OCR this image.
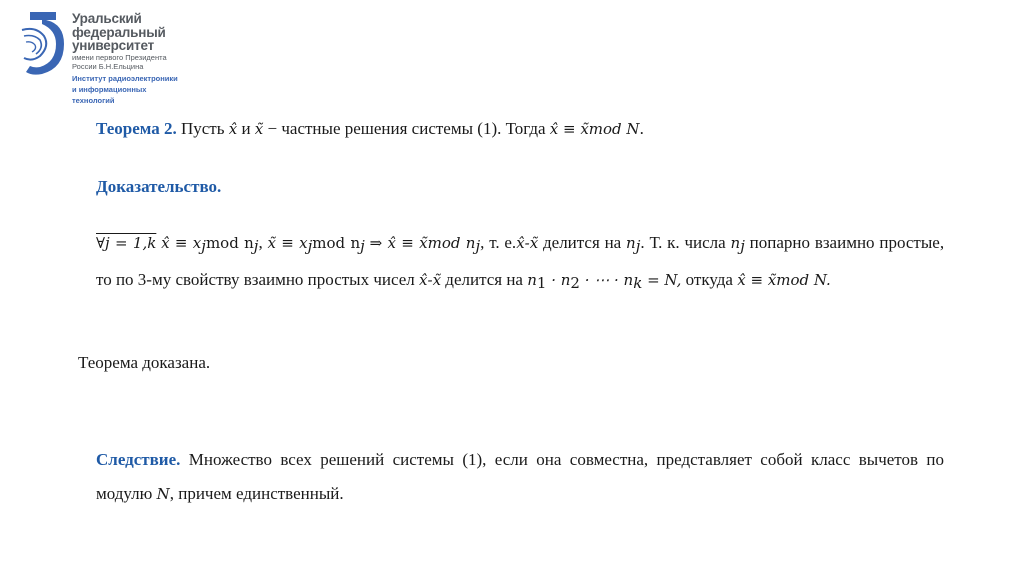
Уральский
федеральный
университет
имени первого Президента
России Б.Н.Ельцина
Институт радиоэлектроники
и информационных
технологий
Теорема 2. Пусть x̂ и x̃ − частные решения системы (1). Тогда x̂ ≡ x̃mod N.
Доказательство.
∀j = 1,k x̂ ≡ $x_jmod$ $n_j$, x̃ ≡ $x_jmod$ $n_j$ ⇒ x̂ ≡ x̃mod $n_j$, т. е.x̂-x̃ делится на $n_j$. Т. к. числа $n_j$ попарно взаимно простые, то по 3-му свойству взаимно простых чисел x̂-x̃ делится на $n_1 \cdot n_2$ · ⋯ · $n_k = N$, откуда x̂ ≡ x̃mod N.
Теорема доказана.
Следствие. Множество всех решений системы (1), если она совместна, представляет собой класс вычетов по модулю N, причем единственный.
